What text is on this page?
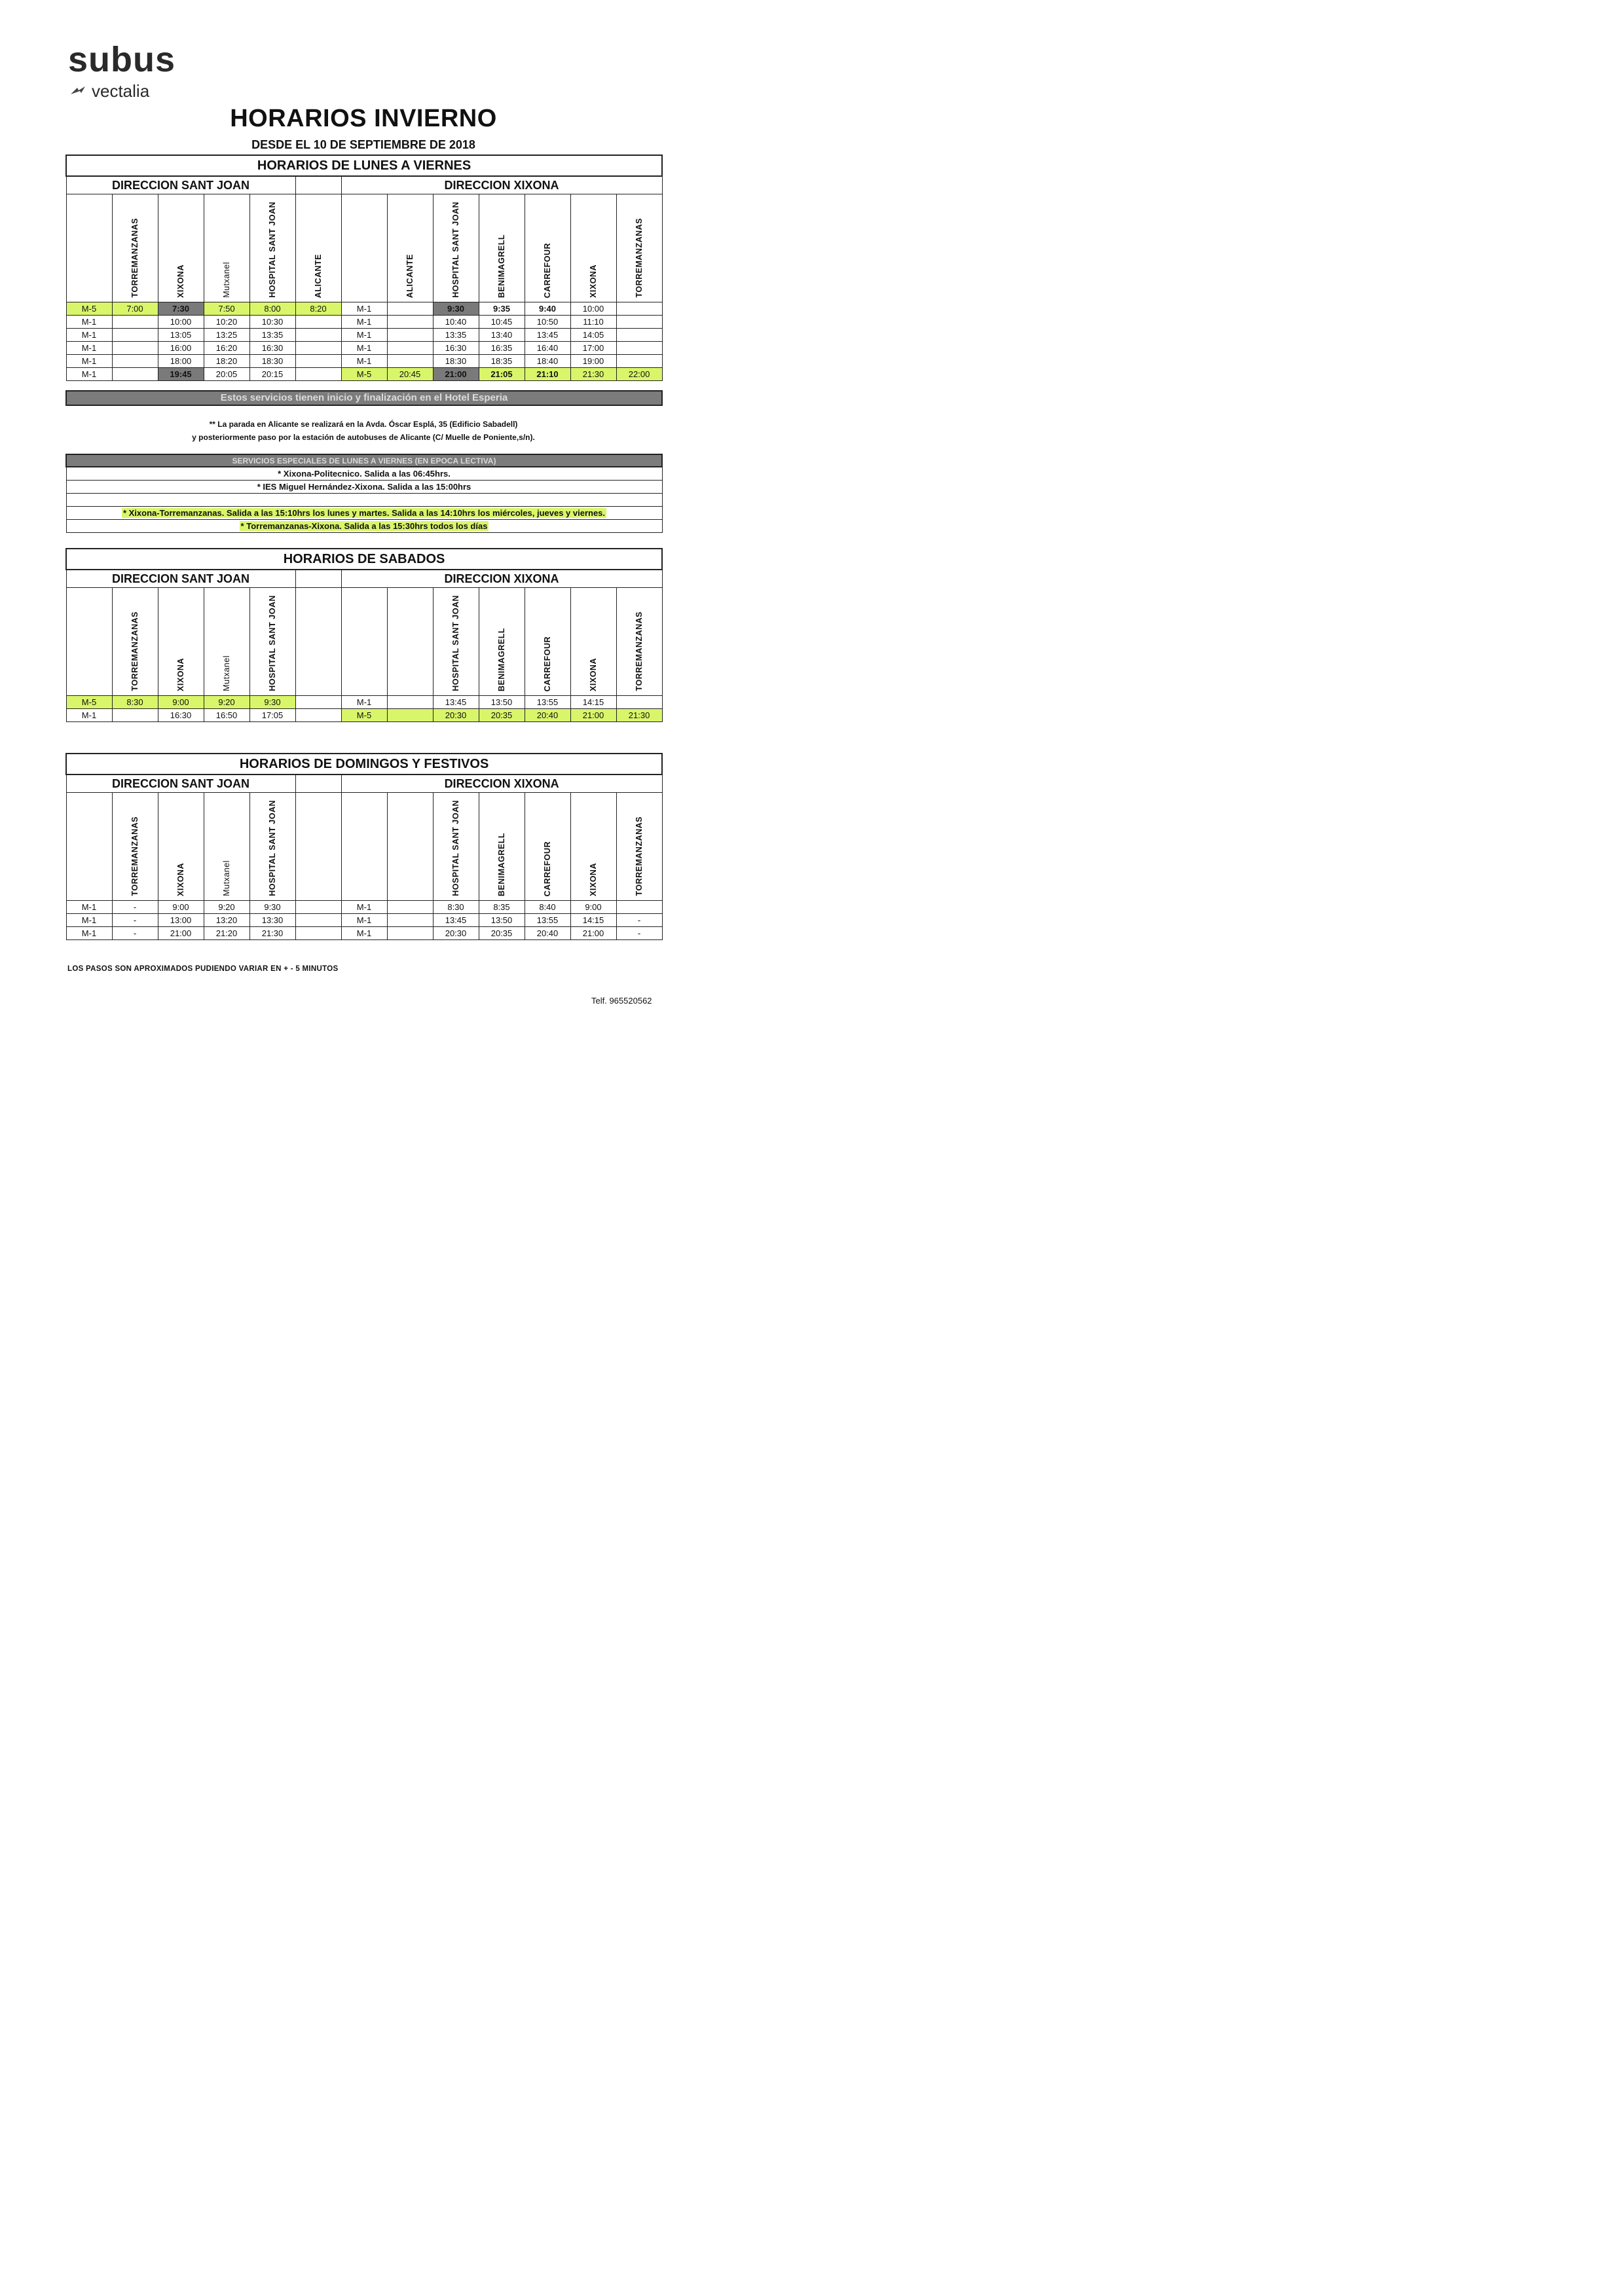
subus
vectalia
HORARIOS INVIERNO
DESDE EL 10 DE SEPTIEMBRE DE 2018
HORARIOS DE LUNES A VIERNES												
DIRECCION SANT JOAN						DIRECCION XIXONA						
	TORREMANZANAS	XIXONA	Mutxanel	HOSPITAL SANT JOAN	ALICANTE		ALICANTE	HOSPITAL SANT JOAN	BENIMAGRELL	CARREFOUR	XIXONA	TORREMANZANAS
M-5	7:00	7:30	7:50	8:00	8:20	M-1		9:30	9:35	9:40	10:00	
M-1		10:00	10:20	10:30		M-1		10:40	10:45	10:50	11:10	
M-1		13:05	13:25	13:35		M-1		13:35	13:40	13:45	14:05	
M-1		16:00	16:20	16:30		M-1		16:30	16:35	16:40	17:00	
M-1		18:00	18:20	18:30		M-1		18:30	18:35	18:40	19:00	
M-1		19:45	20:05	20:15		M-5	20:45	21:00	21:05	21:10	21:30	22:00
Estos servicios tienen inicio y finalización en el Hotel Esperia
** La parada en Alicante se realizará en la Avda. Óscar Esplá, 35 (Edificio Sabadell)
y posteriormente paso por la estación de autobuses de Alicante (C/ Muelle de Poniente,s/n).
SERVICIOS ESPECIALES DE LUNES A VIERNES (EN EPOCA LECTIVA)
* Xixona-Politecnico. Salida a las 06:45hrs.
* IES Miguel Hernández-Xixona. Salida a las 15:00hrs

* Xixona-Torremanzanas. Salida a las 15:10hrs los lunes y martes. Salida a las 14:10hrs los miércoles, jueves y viernes.
* Torremanzanas-Xixona. Salida a las 15:30hrs todos los días
HORARIOS DE SABADOS												
DIRECCION SANT JOAN						DIRECCION XIXONA						
	TORREMANZANAS	XIXONA	Mutxanel	HOSPITAL SANT JOAN				HOSPITAL SANT JOAN	BENIMAGRELL	CARREFOUR	XIXONA	TORREMANZANAS
M-5	8:30	9:00	9:20	9:30		M-1		13:45	13:50	13:55	14:15	
M-1		16:30	16:50	17:05		M-5		20:30	20:35	20:40	21:00	21:30
HORARIOS DE DOMINGOS Y FESTIVOS												
DIRECCION SANT JOAN						DIRECCION XIXONA						
	TORREMANZANAS	XIXONA	Mutxanel	HOSPITAL SANT JOAN				HOSPITAL SANT JOAN	BENIMAGRELL	CARREFOUR	XIXONA	TORREMANZANAS
M-1	-	9:00	9:20	9:30		M-1		8:30	8:35	8:40	9:00	
M-1	-	13:00	13:20	13:30		M-1		13:45	13:50	13:55	14:15	-
M-1	-	21:00	21:20	21:30		M-1		20:30	20:35	20:40	21:00	-
LOS PASOS SON APROXIMADOS PUDIENDO VARIAR EN + - 5 MINUTOS
Telf. 965520562
